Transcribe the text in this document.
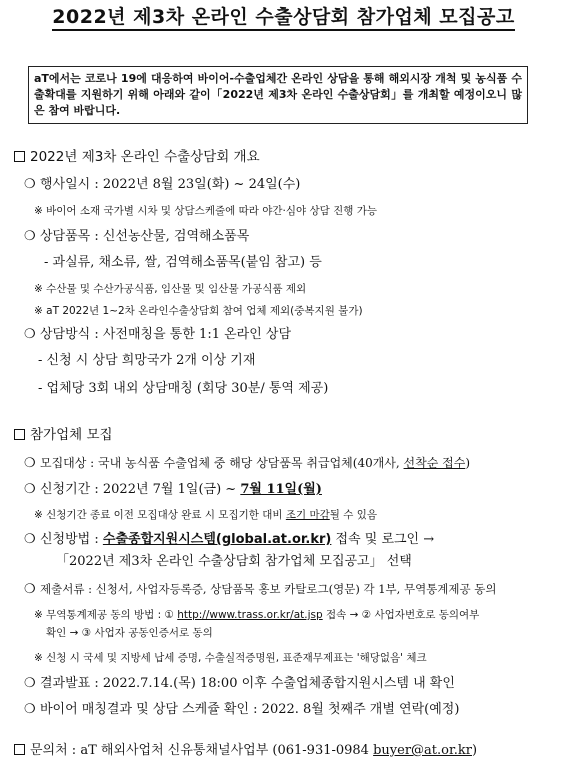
2022년 제3차 온라인 수출상담회 참가업체 모집공고
aT에서는 코로나 19에 대응하여 바이어-수출업체간 온라인 상담을 통해 해외시장 개척 및 농식품 수출확대를 지원하기 위해 아래와 같이「2022년 제3차 온라인 수출상담회」를 개최할 예정이오니 많은 참여 바랍니다.
2022년 제3차 온라인 수출상담회 개요
❍ 행사일시 : 2022년 8월 23일(화) ~ 24일(수)
※ 바이어 소재 국가별 시차 및 상담스케줄에 따라 야간·심야 상담 진행 가능
❍ 상담품목 : 신선농산물, 검역해소품목
- 과실류, 채소류, 쌀, 검역해소품목(붙임 참고) 등
※ 수산물 및 수산가공식품, 임산물 및 임산물 가공식품 제외
※ aT 2022년 1~2차 온라인수출상담회 참여 업체 제외(중복지원 불가)
❍ 상담방식 : 사전매칭을 통한 1:1 온라인 상담
- 신청 시 상담 희망국가 2개 이상 기재
- 업체당 3회 내외 상담매칭 (회당 30분/ 통역 제공)
참가업체 모집
❍ 모집대상 : 국내 농식품 수출업체 중 해당 상담품목 취급업체(40개사, 선착순 접수)
❍ 신청기간 : 2022년 7월 1일(금) ~ 7월 11일(월)
※ 신청기간 종료 이전 모집대상 완료 시 모집기한 대비 조기 마감될 수 있음
❍ 신청방법 : 수출종합지원시스템(global.at.or.kr) 접속 및 로그인 →
「2022년 제3차 온라인 수출상담회 참가업체 모집공고」 선택
❍ 제출서류 : 신청서, 사업자등록증, 상담품목 홍보 카탈로그(영문) 각 1부, 무역통계제공 동의
※ 무역통계제공 동의 방법 : ① http://www.trass.or.kr/at.jsp 접속 → ② 사업자번호로 동의여부
확인 → ③ 사업자 공동인증서로 동의
※ 신청 시 국세 및 지방세 납세 증명, 수출실적증명원, 표준재무제표는 '해당없음' 체크
❍ 결과발표 : 2022.7.14.(목) 18:00 이후 수출업체종합지원시스템 내 확인
❍ 바이어 매칭결과 및 상담 스케쥴 확인 : 2022. 8월 첫째주 개별 연락(예정)
문의처 : aT 해외사업처 신유통채널사업부 (061-931-0984 buyer@at.or.kr)
